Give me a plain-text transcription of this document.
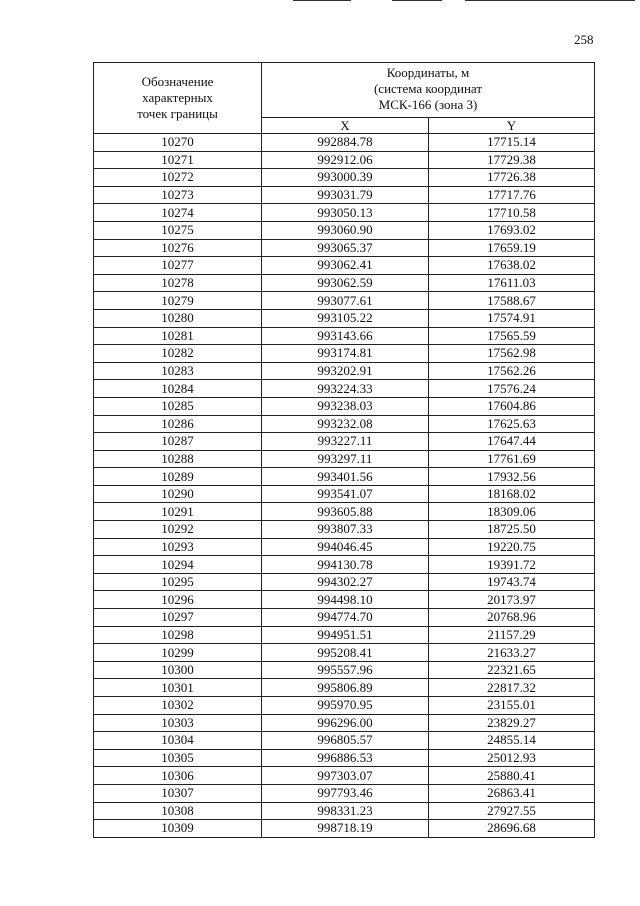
258
Обозначение
характерных
точек границы	Координаты, м
(система координат
МСК-166 (зона 3)	

	X	Y
10270	992884.78	17715.14
10271	992912.06	17729.38
10272	993000.39	17726.38
10273	993031.79	17717.76
10274	993050.13	17710.58
10275	993060.90	17693.02
10276	993065.37	17659.19
10277	993062.41	17638.02
10278	993062.59	17611.03
10279	993077.61	17588.67
10280	993105.22	17574.91
10281	993143.66	17565.59
10282	993174.81	17562.98
10283	993202.91	17562.26
10284	993224.33	17576.24
10285	993238.03	17604.86
10286	993232.08	17625.63
10287	993227.11	17647.44
10288	993297.11	17761.69
10289	993401.56	17932.56
10290	993541.07	18168.02
10291	993605.88	18309.06
10292	993807.33	18725.50
10293	994046.45	19220.75
10294	994130.78	19391.72
10295	994302.27	19743.74
10296	994498.10	20173.97
10297	994774.70	20768.96
10298	994951.51	21157.29
10299	995208.41	21633.27
10300	995557.96	22321.65
10301	995806.89	22817.32
10302	995970.95	23155.01
10303	996296.00	23829.27
10304	996805.57	24855.14
10305	996886.53	25012.93
10306	997303.07	25880.41
10307	997793.46	26863.41
10308	998331.23	27927.55
10309	998718.19	28696.68
